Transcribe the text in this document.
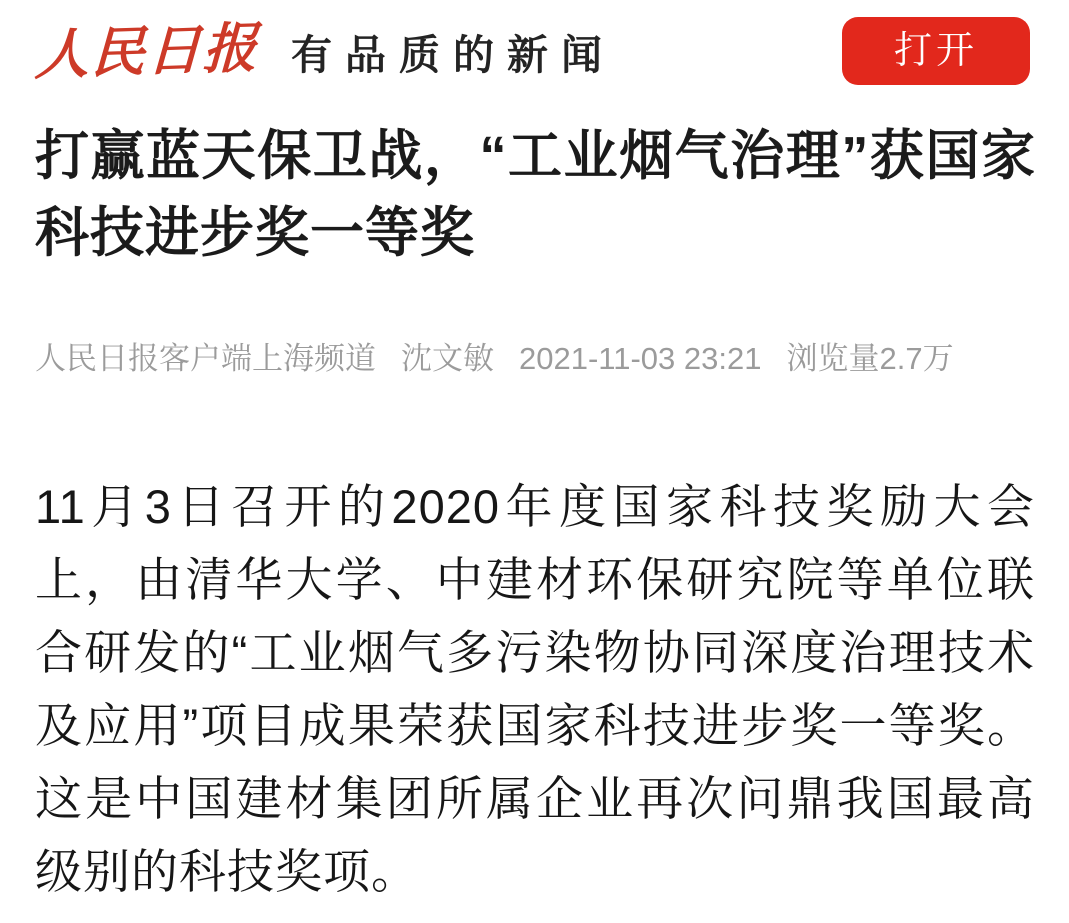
人民日报 有品质的新闻	打开
打赢蓝天保卫战，“工业烟气治理”获国家科技进步奖一等奖
人民日报客户端上海频道 沈文敏 2021-11-03 23:21 浏览量2.7万

11月3日召开的2020年度国家科技奖励大会上，由清华大学、中建材环保研究院等单位联合研发的“工业烟气多污染物协同深度治理技术及应用”项目成果荣获国家科技进步奖一等奖。这是中国建材集团所属企业再次问鼎我国最高级别的科技奖项。
